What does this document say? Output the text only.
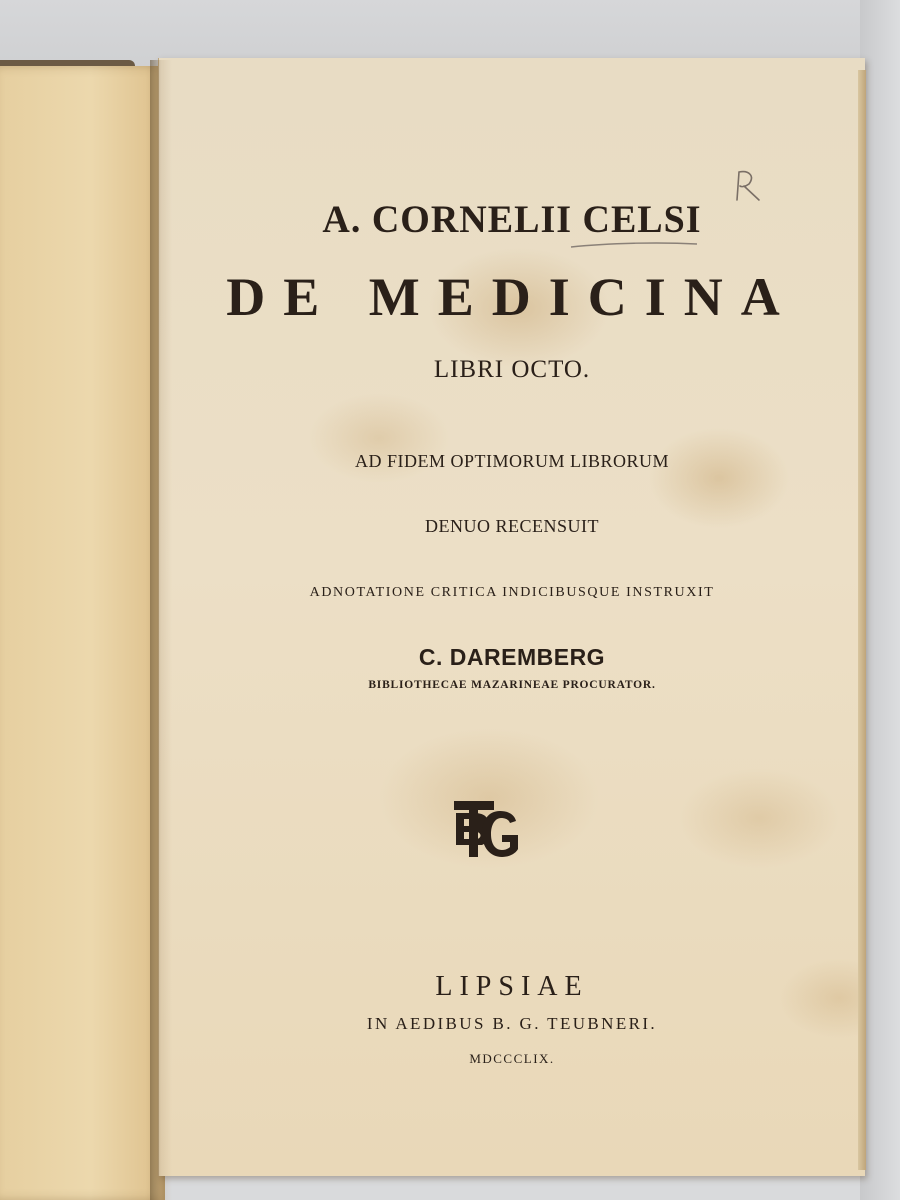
A. CORNELII CELSI
DE MEDICINA
LIBRI OCTO.
AD FIDEM OPTIMORUM LIBRORUM
DENUO RECENSUIT
ADNOTATIONE CRITICA INDICIBUSQUE INSTRUXIT
C. DAREMBERG
BIBLIOTHECAE MAZARINEAE PROCURATOR.
LIPSIAE
IN AEDIBUS B. G. TEUBNERI.
MDCCCLIX.
